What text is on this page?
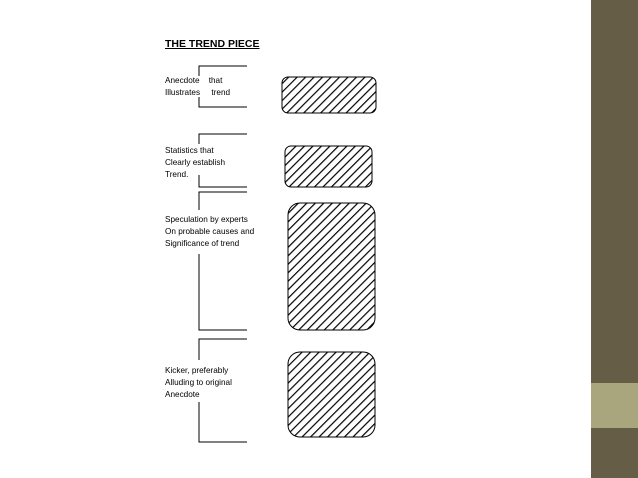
THE TREND PIECE
Anecdote    that
Illustrates     trend
Statistics that
Clearly establish
Trend.
Speculation by experts
On probable causes and
Significance of trend
Kicker, preferably
Alluding to original
Anecdote
